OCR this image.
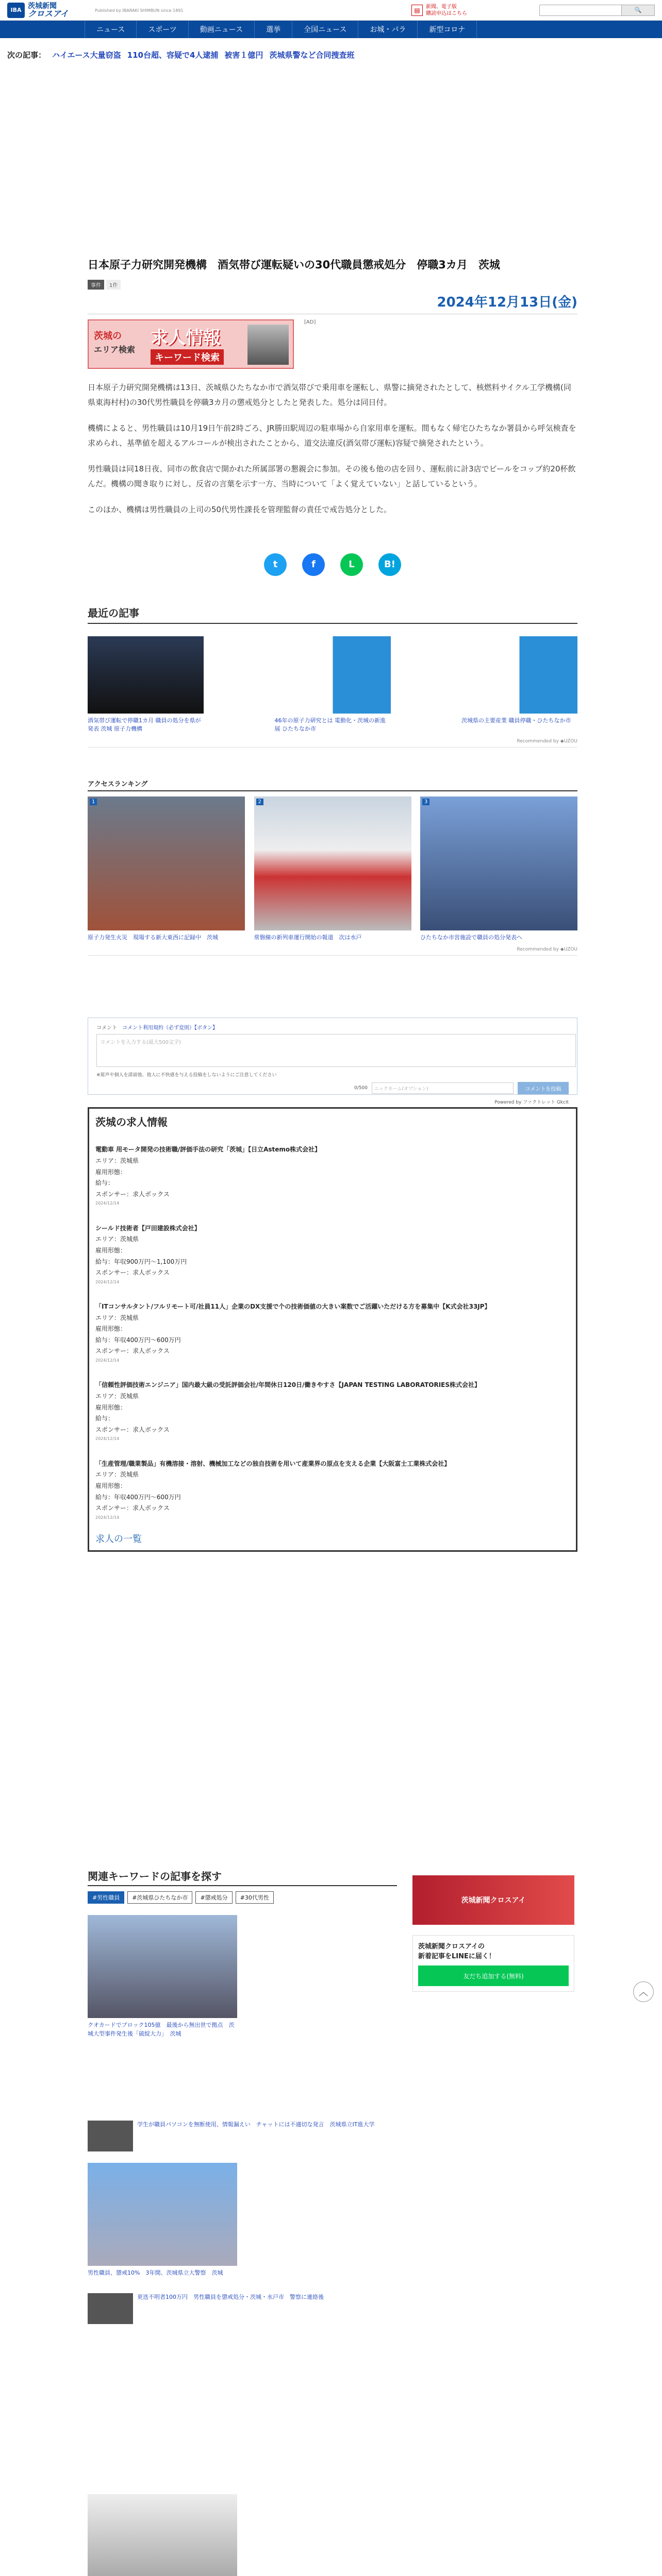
IBA 茨城新聞
クロスアイ	Published by IBARAKI SHIMBUN since 1891	▤	新聞、電子版
購読申込はこちら	🔍
ニュース	スポーツ	動画ニュース	選挙	全国ニュース	お城・パラ	新型コロナ
次の記事： ハイエース大量窃盗 110台超、容疑で4人逮捕 被害１億円 茨城県警など合同捜査班
日本原子力研究開発機構　酒気帯び運転疑いの30代職員懲戒処分　停職3カ月　茨城
事件	1件
2024年12月13日(金)
茨城の
エリア検索
求人情報
キーワード検索
[AD]

日本原子力研究開発機構は13日、茨城県ひたちなか市で酒気帯びで乗用車を運転し、県警に摘発されたとして、核燃料サイクル工学機構(同県東海村村)の30代男性職員を停職3カ月の懲戒処分としたと発表した。処分は同日付。

機構によると、男性職員は10月19日午前2時ごろ、JR勝田駅周辺の駐車場から自家用車を運転。間もなく帰宅ひたちなか署員から呼気検査を求められ、基準値を超えるアルコールが検出されたことから、道交法違反(酒気帯び運転)容疑で摘発されたという。

男性職員は同18日夜、同市の飲食店で開かれた所属部署の懇親会に参加。その後も他の店を回り、運転前に計3店でビールをコップ約20杯飲んだ。機構の聞き取りに対し、反省の言葉を示す一方、当時について「よく覚えていない」と話しているという。

このほか、機構は男性職員の上司の50代男性課長を管理監督の責任で戒告処分とした。

t	f	L	B!
最近の記事
酒気帯び運転で停職1カ月 職員の処分を県が発表 茨城 原子力機構
46年の原子力研究とは 電動化・茨城の新進展 ひたちなか市
茨城県の主要産業 職員停職・ひたちなか市
Recommended by ◆UZOU
アクセスランキング
1
原子力発生火災　現場する新大東西に記録中　茨城
2
常磐線の新列車運行開始の報道　次は水戸
3
ひたちなか市営施設で職員の処分発表へ
Recommended by ◆UZOU
コメント　 コメント利用規約（必ず変則）【ボタン】
コメントを入力する(最大500文字)
※罵声や個人を誹謗他、他人に不快感を与える投稿をしないようにご注意してください
0/500	ニックネーム(オプション)	コメントを投稿
Powered by ファクトレット Gkcit
茨城の求人情報
電動車 用モータ開発の技術職/評価手法の研究「茨城」【日立Astemo株式会社】
エリア：茨城県
雇用形態：
給与：
スポンサー：求人ボックス
2024/12/14
シールド技術者【戸田建設株式会社】
エリア：茨城県
雇用形態：
給与：年収900万円〜1,100万円
スポンサー：求人ボックス
2024/12/14
「ITコンサルタント/フルリモート可/社員11人」企業のDX支援で个の技術価値の大きい案数でご活躍いただける方を募集中【K式会社33JP】
エリア：茨城県
雇用形態：
給与：年収400万円〜600万円
スポンサー：求人ボックス
2024/12/14
「信頼性評価技術エンジニア」国内最大級の受託評価会社/年間休日120日/働きやすさ【JAPAN TESTING LABORATORIES株式会社】
エリア：茨城県
雇用形態：
給与：
スポンサー：求人ボックス
2024/12/14
「生産管理/職業製品」有機溶接・溶射、機械加工などの独自技術を用いて産業界の原点を支える企業【大阪富士工業株式会社】
エリア：茨城県
雇用形態：
給与：年収400万円〜600万円
スポンサー：求人ボックス
2024/12/14
求人の一覧
関連キーワードの記事を探す
#男性職員	#茨城県ひたちなか市	#懲戒処分	#30代男性
クオカードでブロック105億　最後から無出世で拠点　茨城大型事件発生後「破綻大力」　茨城
学生が職員パソコンを無断使用、情報漏えい　チャットには不適切な発言　茨城県立IT進大学
男性職員、懲戒10%　3年間、茨城県立大警察　茨城
更迭不明者100万円　男性職員を懲戒処分・茨城・水戸市　警察に連絡後
茨城新聞クロスアイ
茨城新聞クロスアイの
新着記事をLINEに届く！
友だち追加する(無料)
︿
